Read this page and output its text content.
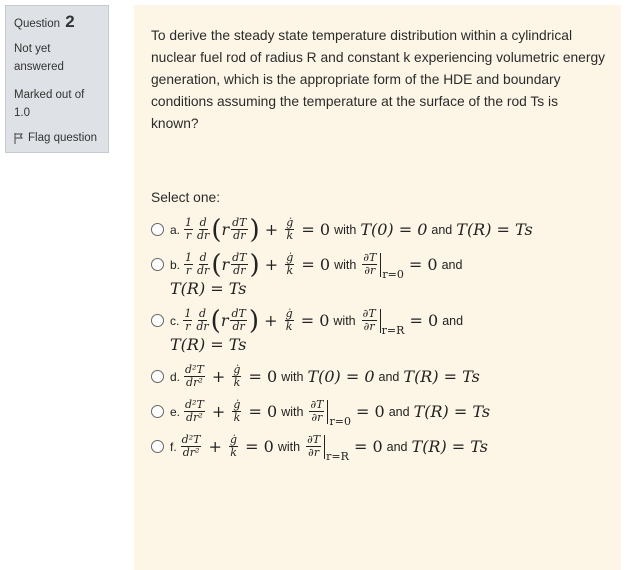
Question 2
Not yet answered
Marked out of
1.0
Flag question
To derive the steady state temperature distribution within a cylindrical nuclear fuel rod of radius R and constant k experiencing volumetric energy generation, which is the appropriate form of the HDE and boundary conditions assuming the temperature at the surface of the rod Ts is known?
Select one:
a. $\frac{1}{r} \frac{d}{dr}$ ( r $\frac{dT}{dr}$ ) + $\frac{ġ}{k} = 0$ with T(0) = 0 and T(R) = Ts
b. $\frac{1}{r} \frac{d}{dr}$ ( r $\frac{dT}{dr}$ ) + $\frac{ġ}{k} = 0$ with $\frac{\partial T}{\partial r} r=0$
= 0 and
T(R) = Ts
c. $\frac{1}{r} \frac{d}{dr}$ ( r $\frac{dT}{dr}$ ) + $\frac{ġ}{k} = 0$ with $\frac{\partial T}{\partial r} r=R$
= 0 and
T(R) = Ts
d. $\frac{\text{d²T}}{\text{dr²}} + \frac{ġ}{k} = 0$ with T(0) = 0 and T(R) = Ts
e. $\frac{\text{d²T}}{\text{dr²}} + \frac{ġ}{k} = 0$ with $\frac{\partial T}{\partial r} r=0$
= 0 and T(R) = Ts
f. $\frac{\text{d²T}}{\text{dr²}} + \frac{ġ}{k} = 0$ with $\frac{\partial T}{\partial r} r=R$
= 0 and T(R) = Ts
